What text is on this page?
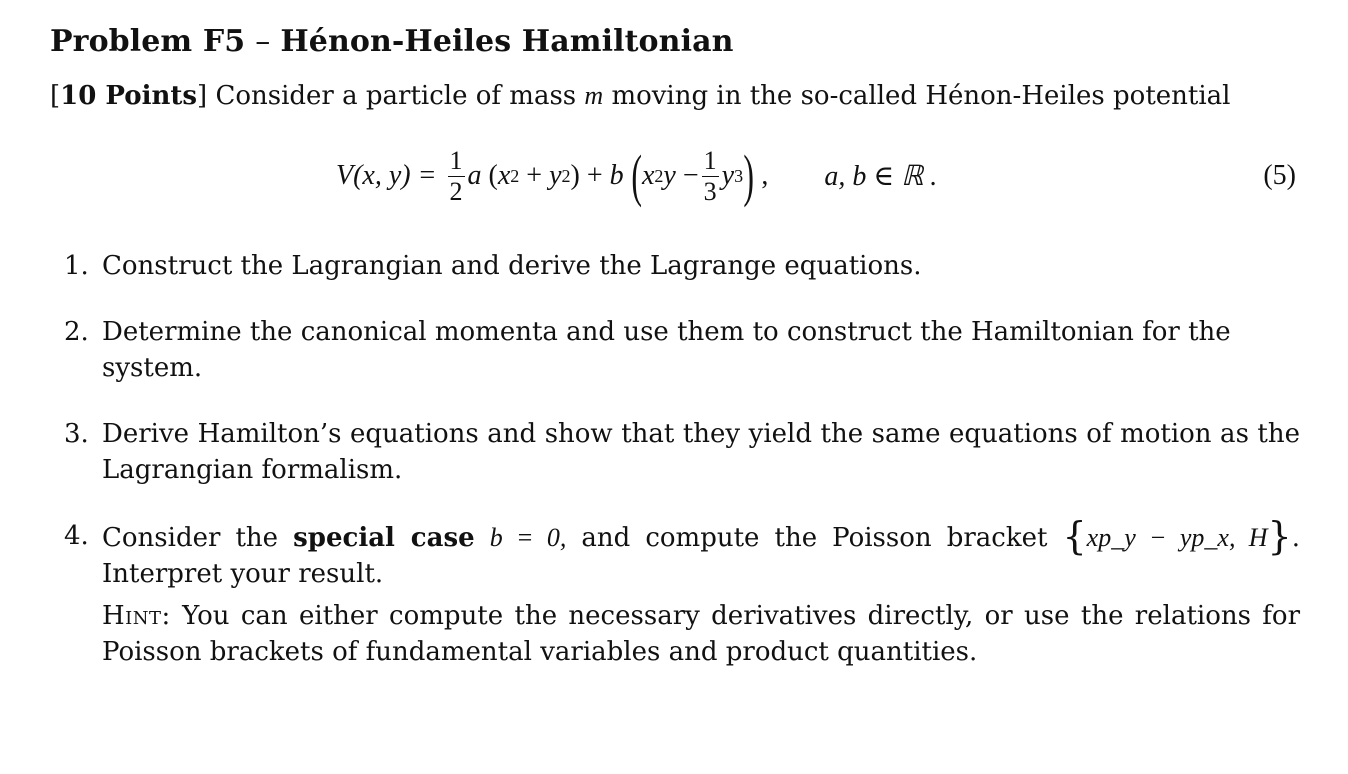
Problem F5 – Hénon-Heiles Hamiltonian
[10 Points] Consider a particle of mass m moving in the so-called Hénon-Heiles potential
V(x, $y) = \frac{1}{2}$ a ( x 2 + y 2 ) + b
( x 2 $y - \frac{1}{3}$ y 3 ) , a, b ∈ ℝ .	(5)
1. Construct the Lagrangian and derive the Lagrange equations.
2. Determine the canonical momenta and use them to construct the Hamiltonian for the system.
3. Derive Hamilton’s equations and show that they yield the same equations of motion as the Lagrangian formalism.
4. Consider the special case b = 0, and compute the Poisson bracket {xp_y − yp_x, H}. Interpret your result.
Hint: You can either compute the necessary derivatives directly, or use the relations for Poisson brackets of fundamental variables and product quantities.
